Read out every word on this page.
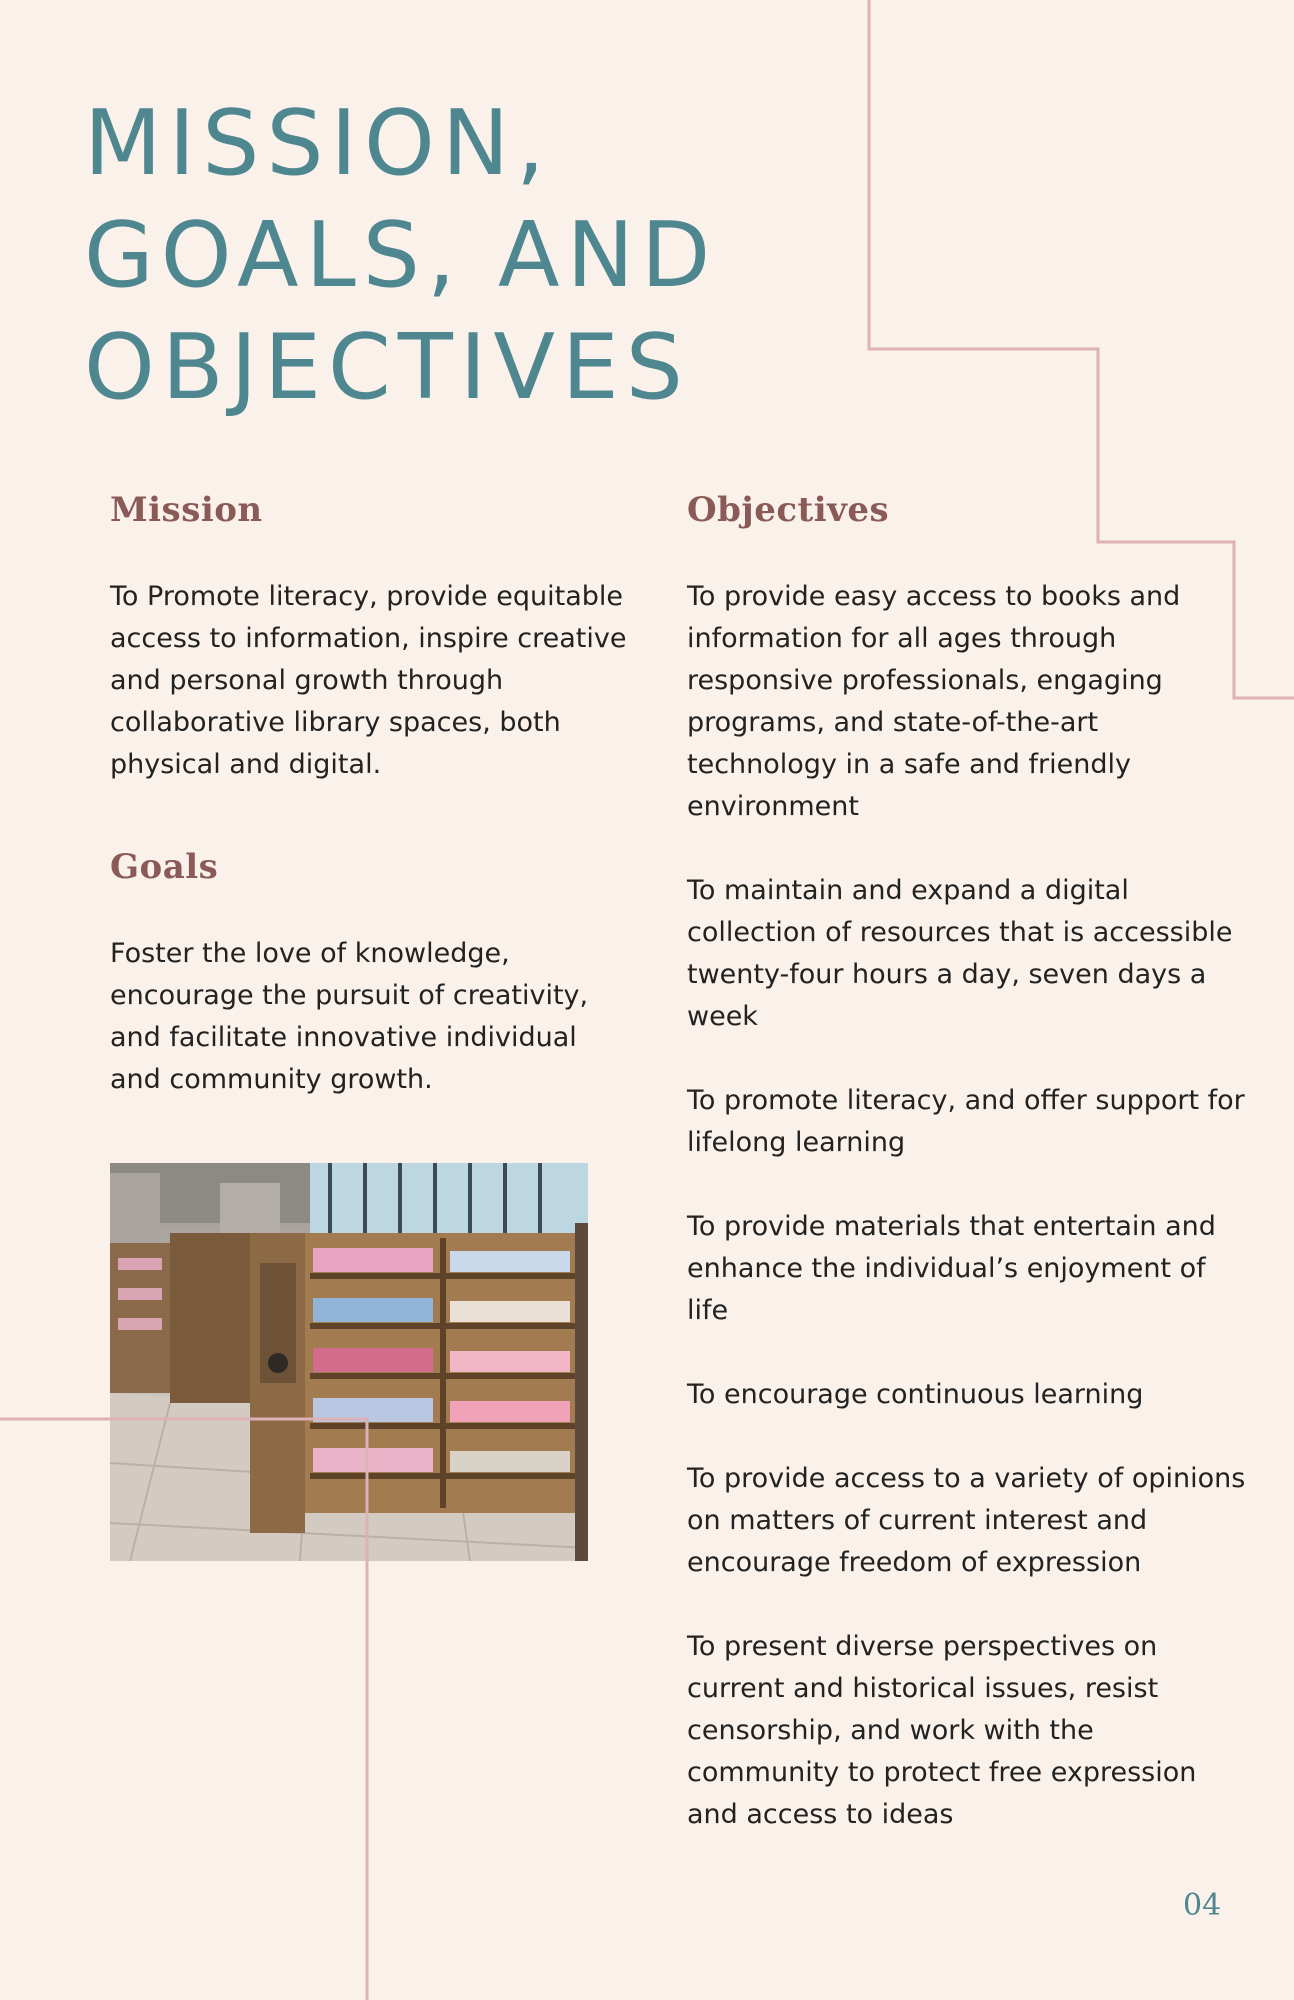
MISSION,
GOALS, AND
OBJECTIVES
Mission

To Promote literacy, provide equitable access to information, inspire creative and personal growth through collaborative library spaces, both physical and digital.

Goals

Foster the love of knowledge, encourage the pursuit of creativity, and facilitate innovative individual and community growth.

Objectives

To provide easy access to books and information for all ages through responsive professionals, engaging programs, and state-of-the-art technology in a safe and friendly environment

To maintain and expand a digital collection of resources that is accessible twenty-four hours a day, seven days a week

To promote literacy, and offer support for lifelong learning

To provide materials that entertain and enhance the individual’s enjoyment of life

To encourage continuous learning

To provide access to a variety of opinions on matters of current interest and encourage freedom of expression

To present diverse perspectives on current and historical issues, resist censorship, and work with the community to protect free expression and access to ideas

04
